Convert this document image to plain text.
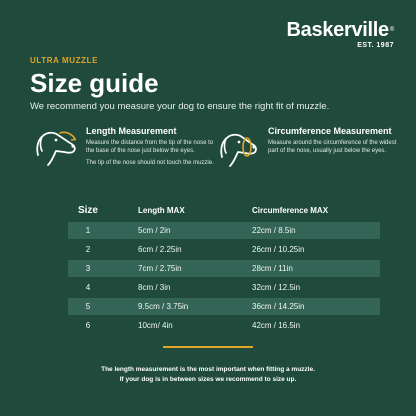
Baskerville®
EST. 1987
ULTRA MUZZLE
Size guide
We recommend you measure your dog to ensure the right fit of muzzle.
Length Measurement
Measure the distance from the tip of the nose to the base of the nose just below the eyes.
The tip of the nose should not touch the muzzle.
Circumference Measurement
Measure around the circumference of the widest part of the nose, usually just below the eyes.
Size	Length MAX	Circumference MAX
1	5cm / 2in	22cm / 8.5in
2	6cm / 2.25in	26cm / 10.25in
3	7cm / 2.75in	28cm / 11in
4	8cm / 3in	32cm / 12.5in
5	9.5cm / 3.75in	36cm / 14.25in
6	10cm/ 4in	42cm / 16.5in
The length measurement is the most important when fitting a muzzle.
If your dog is in between sizes we recommend to size up.
